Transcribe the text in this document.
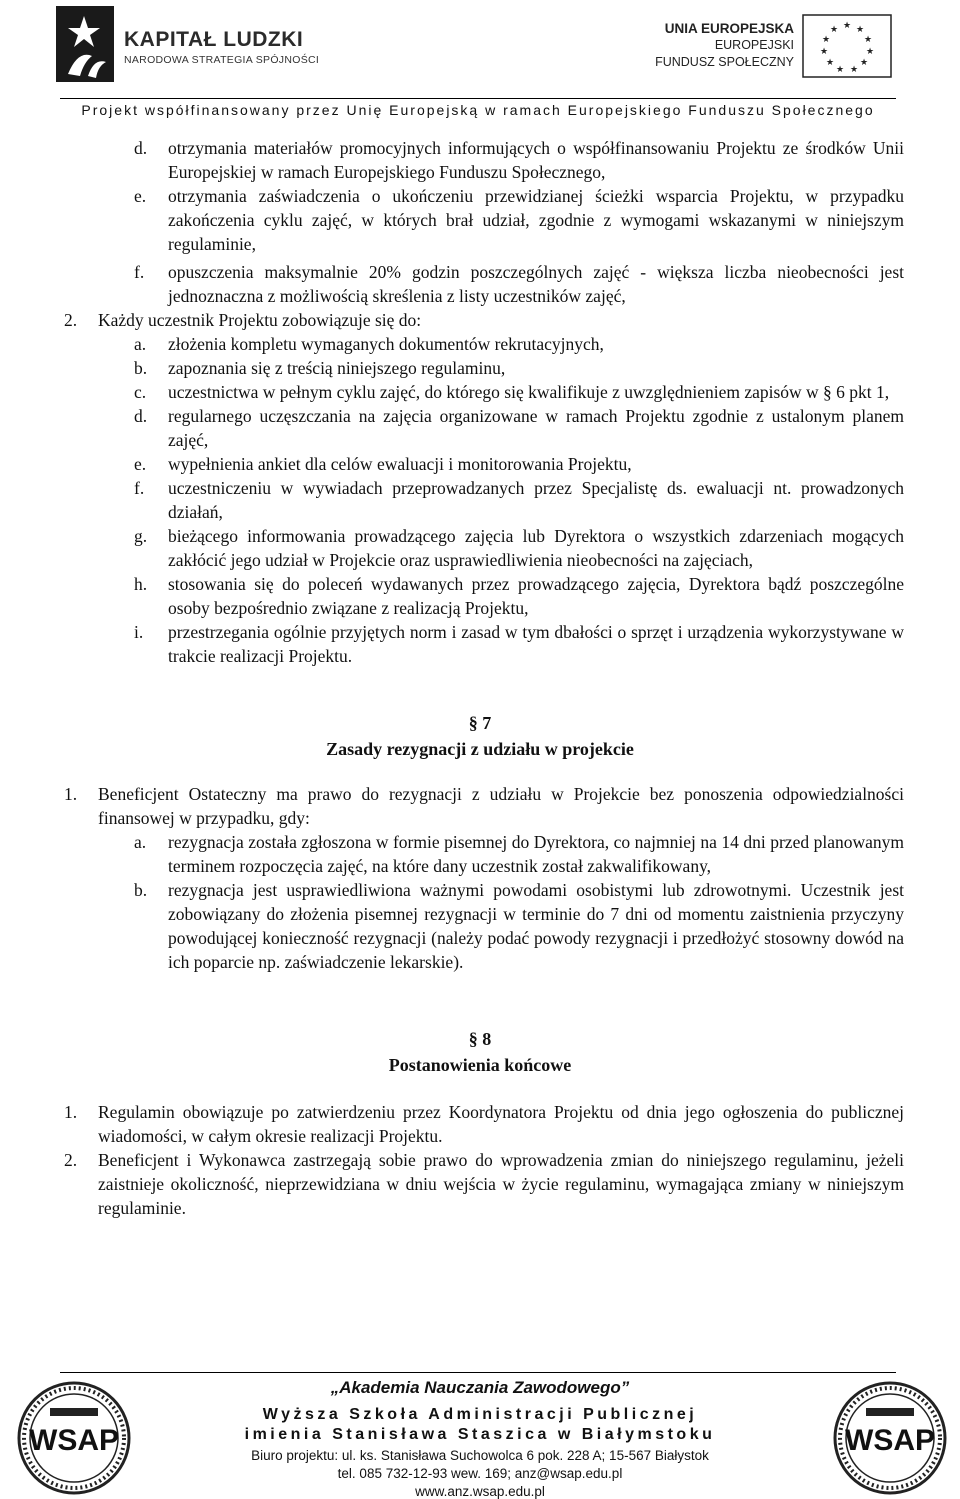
KAPITAŁ LUDZKI
NARODOWA STRATEGIA SPÓJNOŚCI
UNIA EUROPEJSKA
EUROPEJSKI
FUNDUSZ SPOŁECZNY
★ ★
★
★
★
★
★
★
★
★
★
Projekt współfinansowany przez Unię Europejską w ramach Europejskiego Funduszu Społecznego
d. otrzymania materiałów promocyjnych informujących o współfinansowaniu Projektu ze środków Unii Europejskiej w ramach Europejskiego Funduszu Społecznego,
e. otrzymania zaświadczenia o ukończeniu przewidzianej ścieżki wsparcia Projektu, w przypadku zakończenia cyklu zajęć, w których brał udział, zgodnie z wymogami wskazanymi w niniejszym regulaminie,
f. opuszczenia maksymalnie 20% godzin poszczególnych zajęć - większa liczba nieobecności jest jednoznaczna z możliwością skreślenia z listy uczestników zajęć,
2. Każdy uczestnik Projektu zobowiązuje się do:
a. złożenia kompletu wymaganych dokumentów rekrutacyjnych,
b. zapoznania się z treścią niniejszego regulaminu,
c. uczestnictwa w pełnym cyklu zajęć, do którego się kwalifikuje z uwzględnieniem zapisów w § 6 pkt 1,
d. regularnego uczęszczania na zajęcia organizowane w ramach Projektu zgodnie z ustalonym planem zajęć,
e. wypełnienia ankiet dla celów ewaluacji i monitorowania Projektu,
f. uczestniczeniu w wywiadach przeprowadzanych przez Specjalistę ds. ewaluacji nt. prowadzonych działań,
g. bieżącego informowania prowadzącego zajęcia lub Dyrektora o wszystkich zdarzeniach mogących zakłócić jego udział w Projekcie oraz usprawiedliwienia nieobecności na zajęciach,
h. stosowania się do poleceń wydawanych przez prowadzącego zajęcia, Dyrektora bądź poszczególne osoby bezpośrednio związane z realizacją Projektu,
i. przestrzegania ogólnie przyjętych norm i zasad w tym dbałości o sprzęt i urządzenia wykorzystywane w trakcie realizacji Projektu.
§ 7
Zasady rezygnacji z udziału w projekcie
1. Beneficjent Ostateczny ma prawo do rezygnacji z udziału w Projekcie bez ponoszenia odpowiedzialności finansowej w przypadku, gdy:
a. rezygnacja została zgłoszona w formie pisemnej do Dyrektora, co najmniej na 14 dni przed planowanym terminem rozpoczęcia zajęć, na które dany uczestnik został zakwalifikowany,
b. rezygnacja jest usprawiedliwiona ważnymi powodami osobistymi lub zdrowotnymi. Uczestnik jest zobowiązany do złożenia pisemnej rezygnacji w terminie do 7 dni od momentu zaistnienia przyczyny powodującej konieczność rezygnacji (należy podać powody rezygnacji i przedłożyć stosowny dowód na ich poparcie np. zaświadczenie lekarskie).
§ 8
Postanowienia końcowe
1. Regulamin obowiązuje po zatwierdzeniu przez Koordynatora Projektu od dnia jego ogłoszenia do publicznej wiadomości, w całym okresie realizacji Projektu.
2. Beneficjent i Wykonawca zastrzegają sobie prawo do wprowadzenia zmian do niniejszego regulaminu, jeżeli zaistnieje okoliczność, nieprzewidziana w dniu wejścia w życie regulaminu, wymagająca zmiany w niniejszym regulaminie.
WSAP
„Akademia Nauczania Zawodowego”
Wyższa Szkoła Administracji Publicznej
imienia Stanisława Staszica w Białymstoku
Biuro projektu: ul. ks. Stanisława Suchowolca 6 pok. 228 A; 15-567 Białystok
tel. 085 732-12-93 wew. 169; anz@wsap.edu.pl
www.anz.wsap.edu.pl
WSAP
